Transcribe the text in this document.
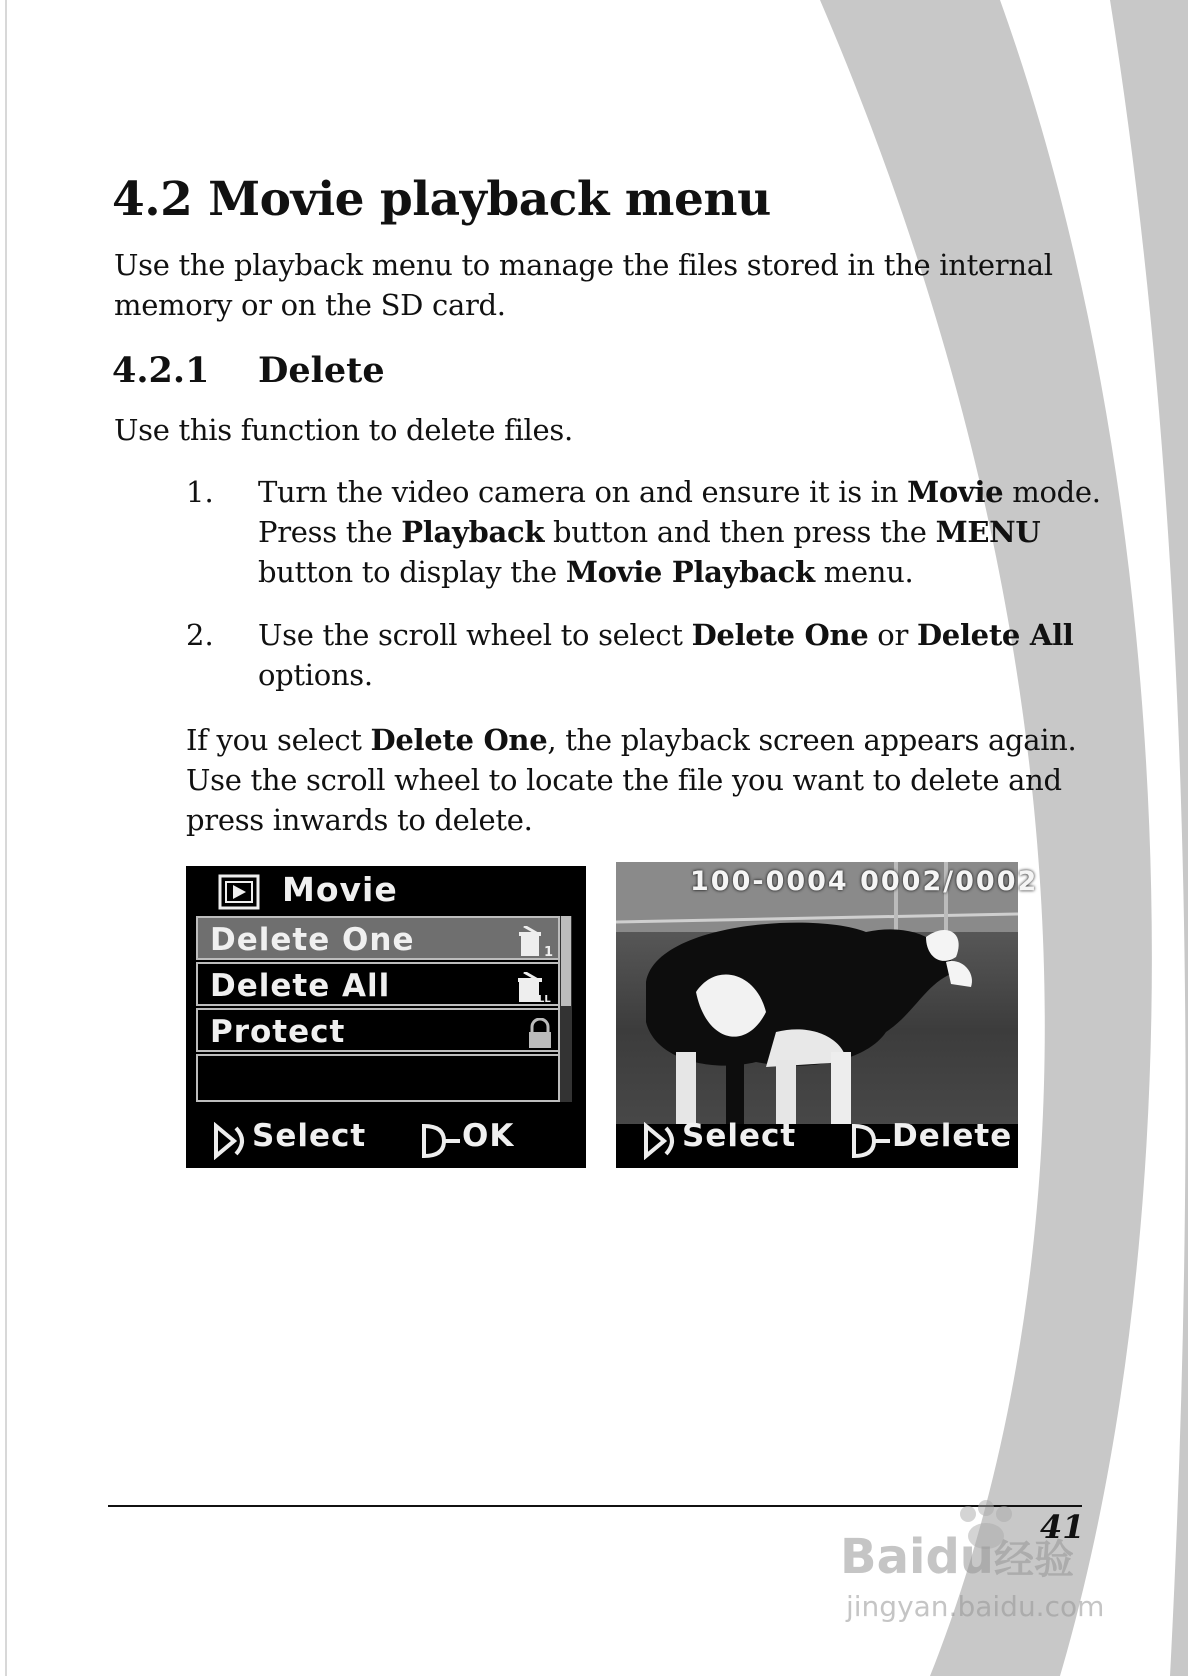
4.2 Movie playback menu

Use the playback menu to manage the files stored in the internal

memory or on the SD card.

4.2.1 Delete

Use this function to delete files.

1. Turn the video camera on and ensure it is in Movie mode.

Press the Playback button and then press the MENU

button to display the Movie Playback menu.

2. Use the scroll wheel to select Delete One or Delete All

options.

If you select Delete One, the playback screen appears again.

Use the scroll wheel to locate the file you want to delete and

press inwards to delete.

Movie
Delete One	1
Delete All	LL
Protect
Select	OK
100-0004 0002/0002
Select	Delete
41
Baidu经验
jingyan.baidu.com
